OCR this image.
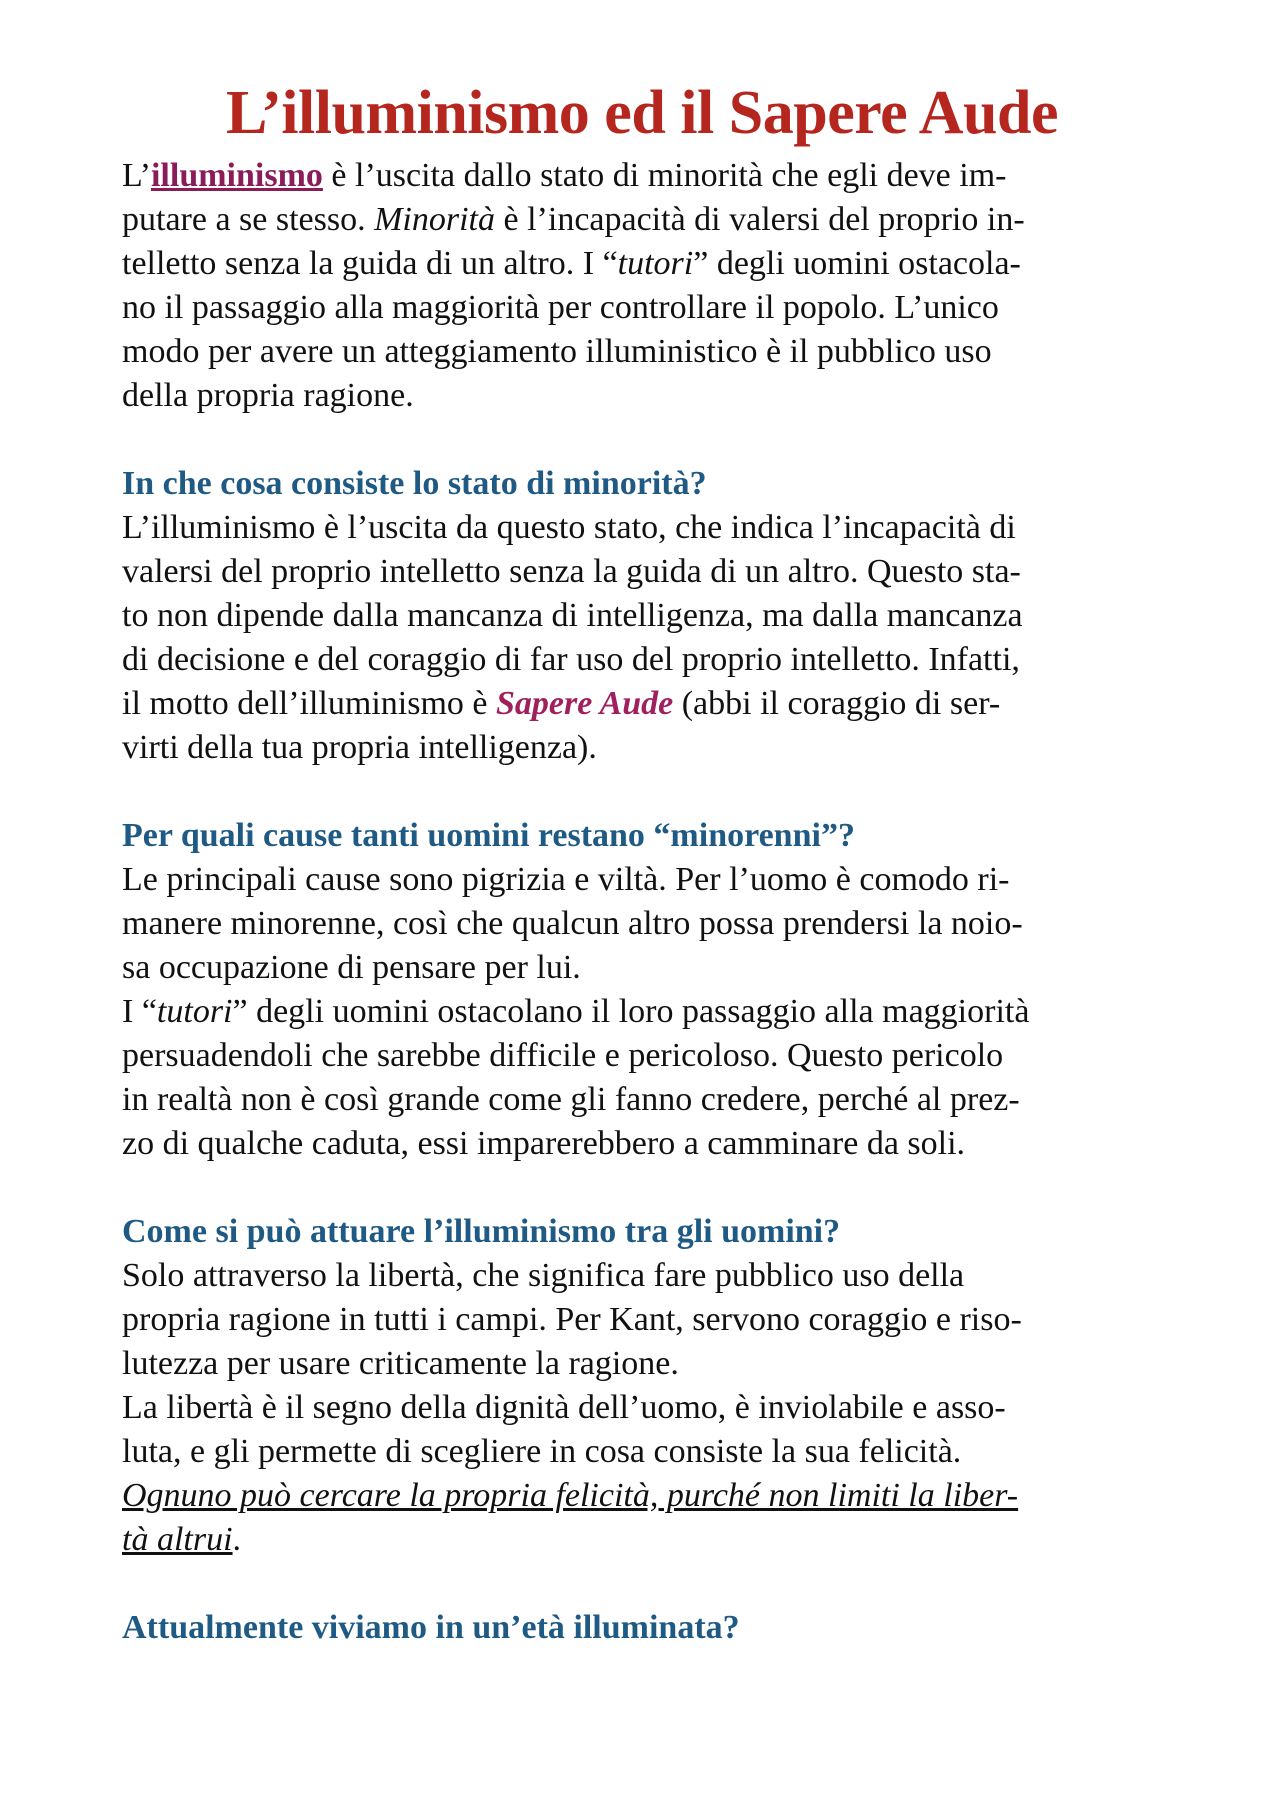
L’illuminismo ed il Sapere Aude
L’illuminismo è l’uscita dallo stato di minorità che egli deve im-
putare a se stesso. Minorità è l’incapacità di valersi del proprio in-
telletto senza la guida di un altro. I “tutori” degli uomini ostacola-
no il passaggio alla maggiorità per controllare il popolo. L’unico
modo per avere un atteggiamento illuministico è il pubblico uso
della propria ragione.
In che cosa consiste lo stato di minorità?
L’illuminismo è l’uscita da questo stato, che indica l’incapacità di
valersi del proprio intelletto senza la guida di un altro. Questo sta-
to non dipende dalla mancanza di intelligenza, ma dalla mancanza
di decisione e del coraggio di far uso del proprio intelletto. Infatti,
il motto dell’illuminismo è Sapere Aude (abbi il coraggio di ser-
virti della tua propria intelligenza).
Per quali cause tanti uomini restano “minorenni”?
Le principali cause sono pigrizia e viltà. Per l’uomo è comodo ri-
manere minorenne, così che qualcun altro possa prendersi la noio-
sa occupazione di pensare per lui.
I “tutori” degli uomini ostacolano il loro passaggio alla maggiorità
persuadendoli che sarebbe difficile e pericoloso. Questo pericolo
in realtà non è così grande come gli fanno credere, perché al prez-
zo di qualche caduta, essi imparerebbero a camminare da soli.
Come si può attuare l’illuminismo tra gli uomini?
Solo attraverso la libertà, che significa fare pubblico uso della
propria ragione in tutti i campi. Per Kant, servono coraggio e riso-
lutezza per usare criticamente la ragione.
La libertà è il segno della dignità dell’uomo, è inviolabile e asso-
luta, e gli permette di scegliere in cosa consiste la sua felicità.
Ognuno può cercare la propria felicità, purché non limiti la liber-
tà altrui.
Attualmente viviamo in un’età illuminata?
